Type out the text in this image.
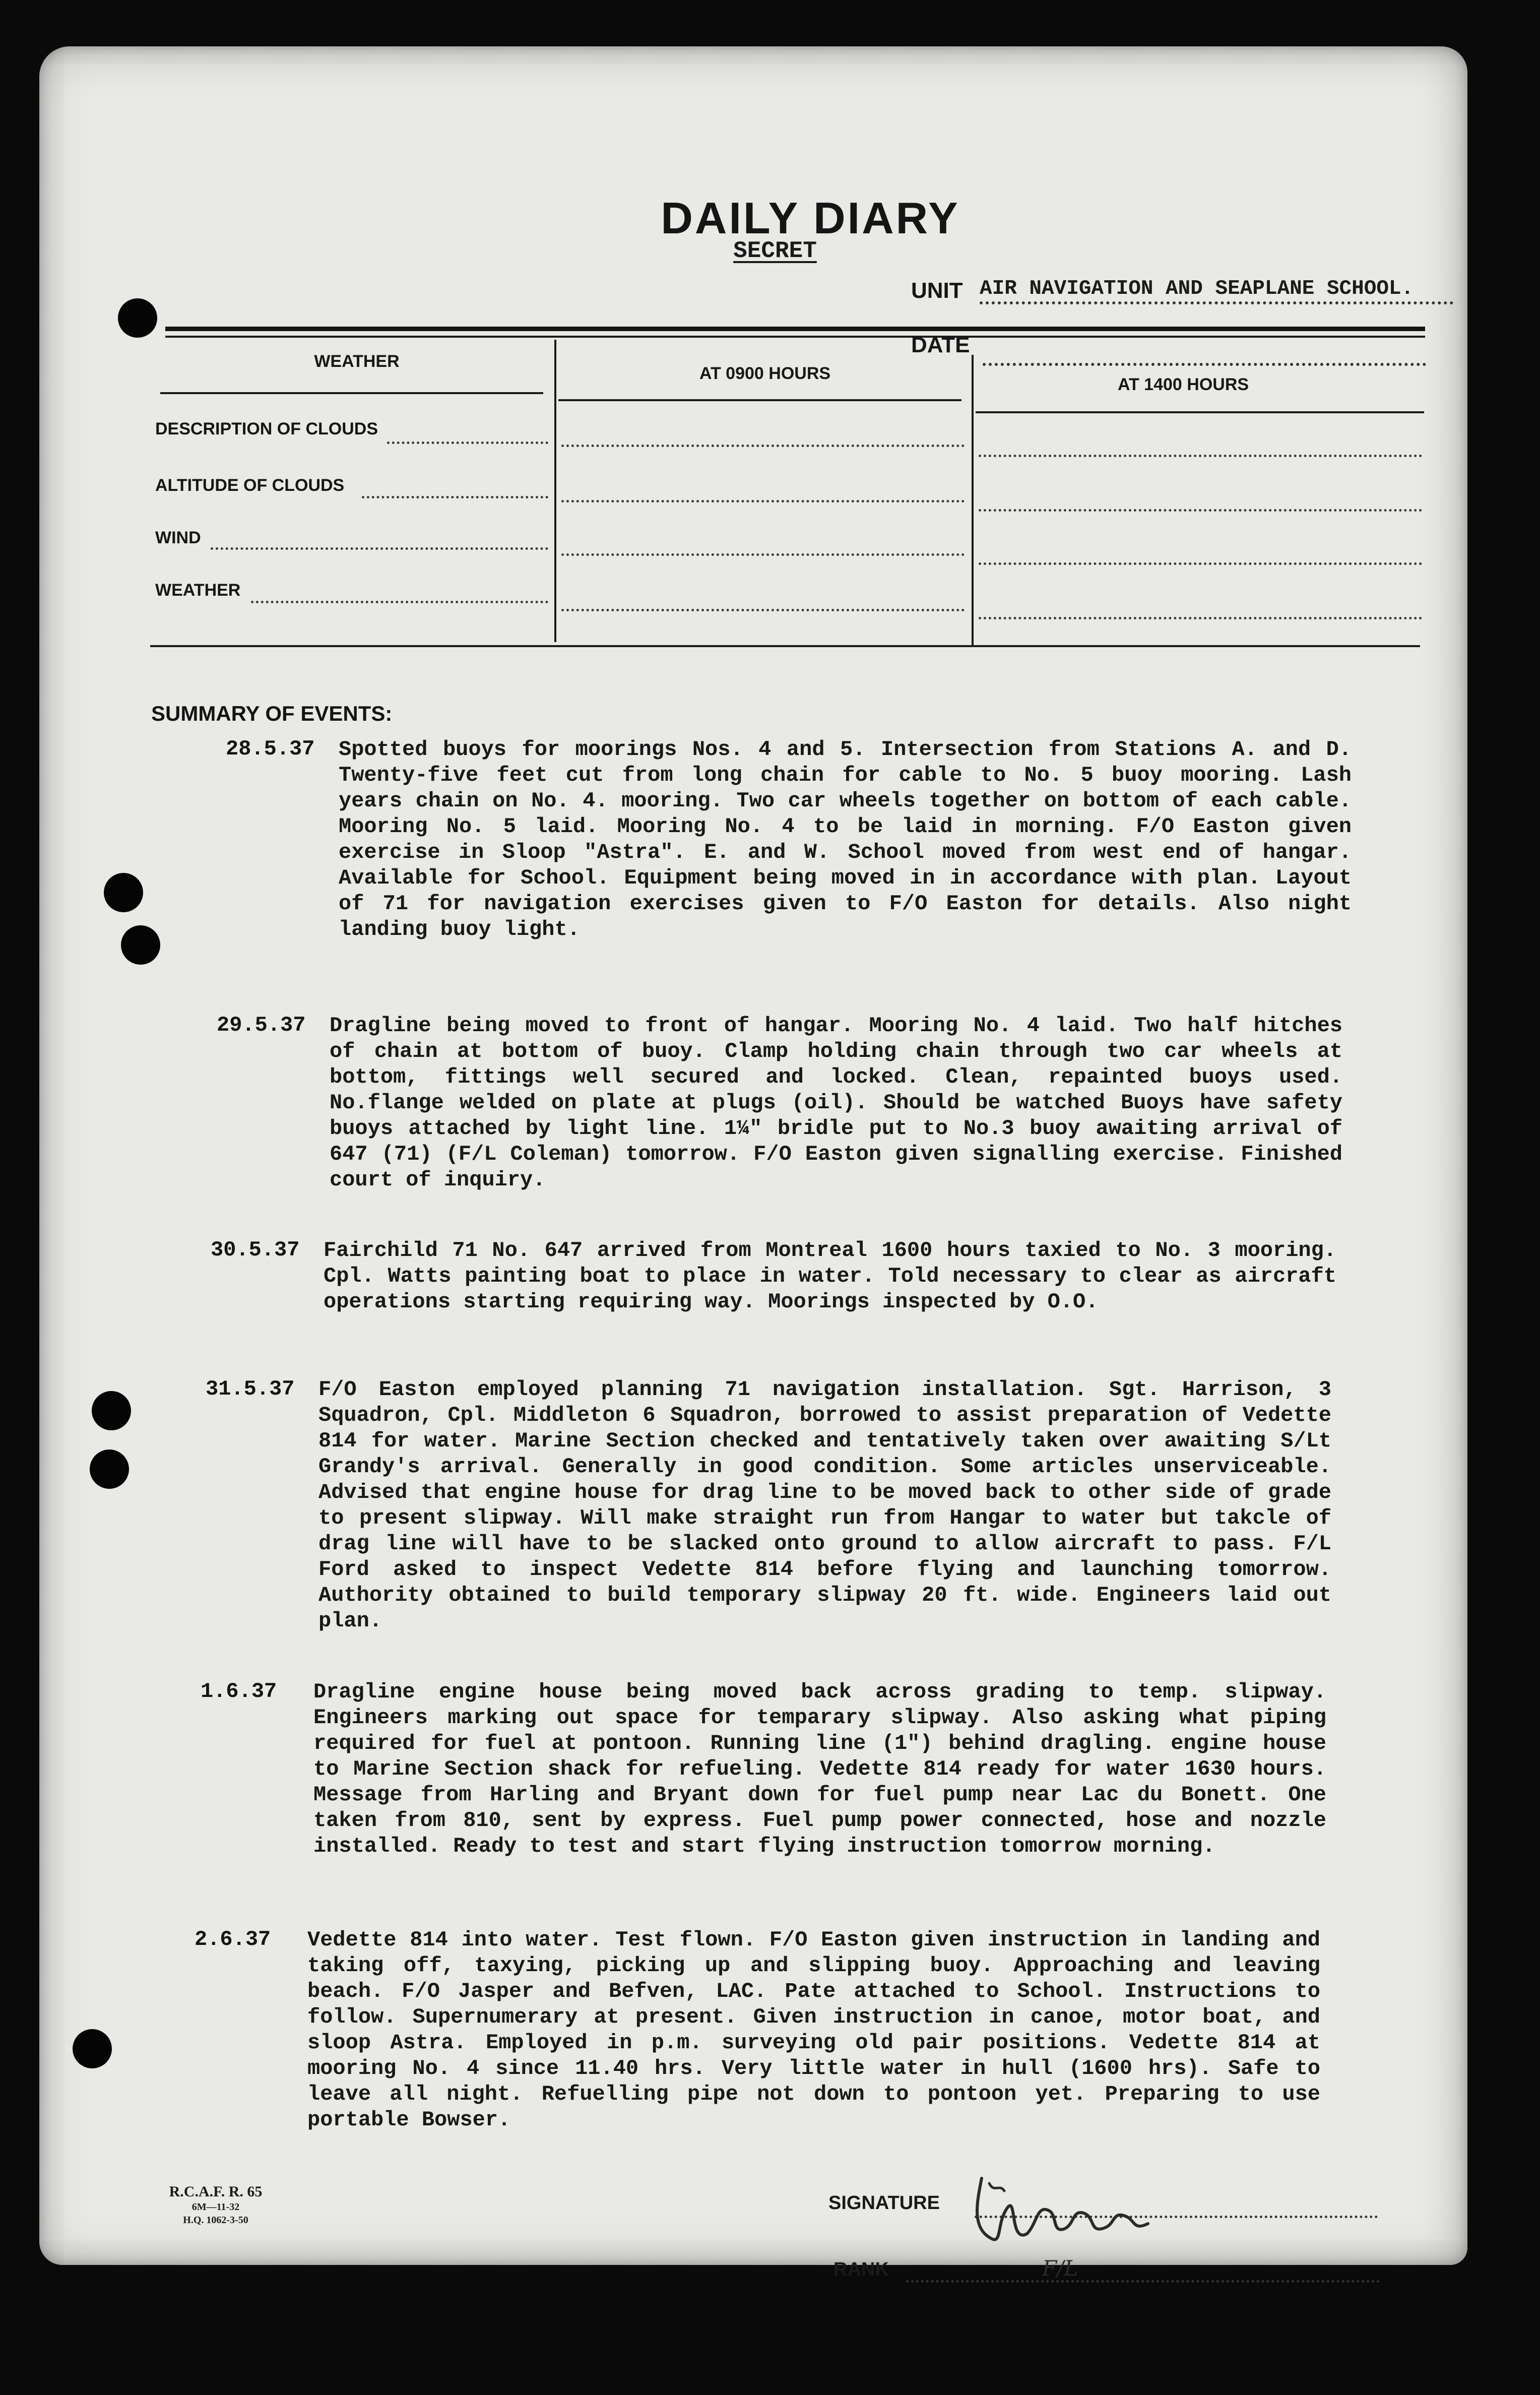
DAILY DIARY
SECRET
UNIT AIR NAVIGATION AND SEAPLANE SCHOOL.
DATE
WEATHER
AT 0900 HOURS
AT 1400 HOURS
DESCRIPTION OF CLOUDS
ALTITUDE OF CLOUDS
WIND
WEATHER
SUMMARY OF EVENTS:
28.5.37 Spotted buoys for moorings Nos. 4 and 5. Intersection from Stations A. and D. Twenty-five feet cut from long chain for cable to No. 5 buoy mooring. Lash years chain on No. 4. mooring. Two car wheels together on bottom of each cable. Mooring No. 5 laid. Mooring No. 4 to be laid in morning. F/O Easton given exercise in Sloop "Astra". E. and W. School moved from west end of hangar. Available for School. Equipment being moved in in accordance with plan. Layout of 71 for navigation exercises given to F/O Easton for details. Also night landing buoy light.
29.5.37 Dragline being moved to front of hangar. Mooring No. 4 laid. Two half hitches of chain at bottom of buoy. Clamp holding chain through two car wheels at bottom, fittings well secured and locked. Clean, repainted buoys used. No.flange welded on plate at plugs (oil). Should be watched Buoys have safety buoys attached by light line. 1¼" bridle put to No.3 buoy awaiting arrival of 647 (71) (F/L Coleman) tomorrow. F/O Easton given signalling exercise. Finished court of inquiry.
30.5.37 Fairchild 71 No. 647 arrived from Montreal 1600 hours taxied to No. 3 mooring. Cpl. Watts painting boat to place in water. Told necessary to clear as aircraft operations starting requiring way. Moorings inspected by O.O.
31.5.37 F/O Easton employed planning 71 navigation installation. Sgt. Harrison, 3 Squadron, Cpl. Middleton 6 Squadron, borrowed to assist preparation of Vedette 814 for water. Marine Section checked and tentatively taken over awaiting S/Lt Grandy's arrival. Generally in good condition. Some articles unserviceable. Advised that engine house for drag line to be moved back to other side of grade to present slipway. Will make straight run from Hangar to water but takcle of drag line will have to be slacked onto ground to allow aircraft to pass. F/L Ford asked to inspect Vedette 814 before flying and launching tomorrow. Authority obtained to build temporary slipway 20 ft. wide. Engineers laid out plan.
1.6.37 Dragline engine house being moved back across grading to temp. slipway. Engineers marking out space for temparary slipway. Also asking what piping required for fuel at pontoon. Running line (1") behind dragling. engine house to Marine Section shack for refueling. Vedette 814 ready for water 1630 hours. Message from Harling and Bryant down for fuel pump near Lac du Bonett. One taken from 810, sent by express. Fuel pump power connected, hose and nozzle installed. Ready to test and start flying instruction tomorrow morning.
2.6.37 Vedette 814 into water. Test flown. F/O Easton given instruction in landing and taking off, taxying, picking up and slipping buoy. Approaching and leaving beach. F/O Jasper and Befven, LAC. Pate attached to School. Instructions to follow. Supernumerary at present. Given instruction in canoe, motor boat, and sloop Astra. Employed in p.m. surveying old pair positions. Vedette 814 at mooring No. 4 since 11.40 hrs. Very little water in hull (1600 hrs). Safe to leave all night. Refuelling pipe not down to pontoon yet. Preparing to use portable Bowser.
R.C.A.F. R. 65
6M—11-32
H.Q. 1062-3-50
SIGNATURE
RANK	F/L
